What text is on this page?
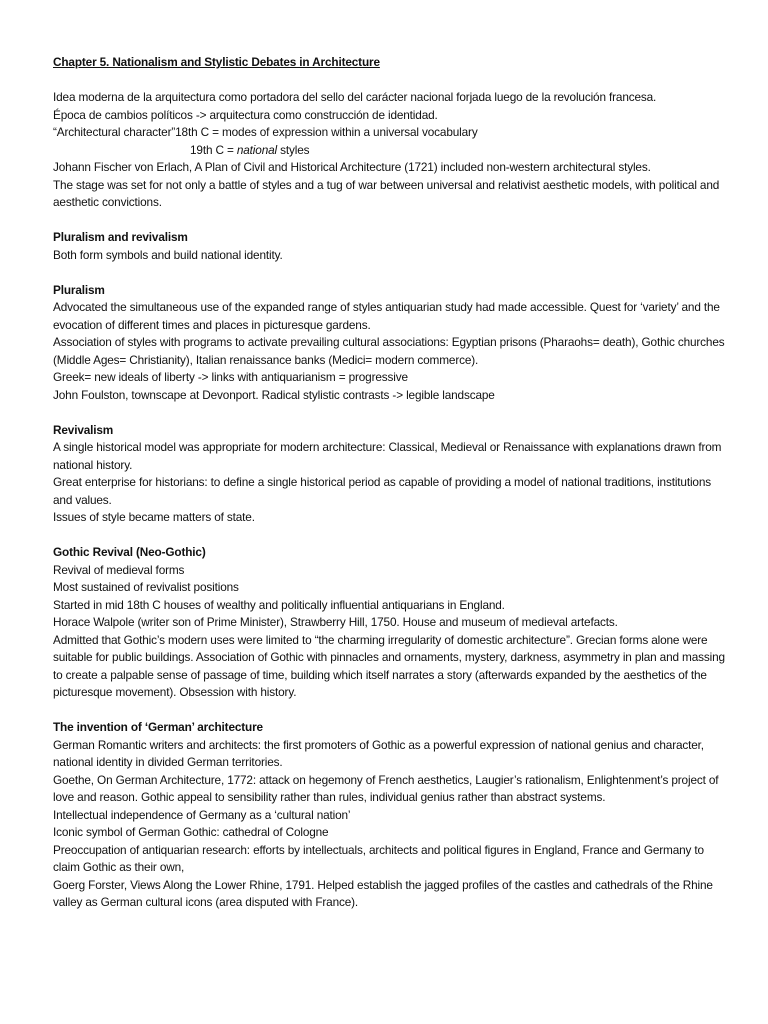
Chapter 5. Nationalism and Stylistic Debates in Architecture

Idea moderna de la arquitectura como portadora del sello del carácter nacional forjada luego de la revolución francesa.

Época de cambios políticos -> arquitectura como construcción de identidad.

“Architectural character”18th C = modes of expression within a universal vocabulary

19th C = national styles

Johann Fischer von Erlach, A Plan of Civil and Historical Architecture (1721) included non-western architectural styles.

The stage was set for not only a battle of styles and a tug of war between universal and relativist aesthetic models, with political and aesthetic convictions.

Pluralism and revivalism

Both form symbols and build national identity.

Pluralism

Advocated the simultaneous use of the expanded range of styles antiquarian study had made accessible. Quest for ‘variety’ and the evocation of different times and places in picturesque gardens.

Association of styles with programs to activate prevailing cultural associations: Egyptian prisons (Pharaohs= death), Gothic churches (Middle Ages= Christianity), Italian renaissance banks (Medici= modern commerce).

Greek= new ideals of liberty -> links with antiquarianism = progressive

John Foulston, townscape at Devonport. Radical stylistic contrasts -> legible landscape

Revivalism

A single historical model was appropriate for modern architecture: Classical, Medieval or Renaissance with explanations drawn from national history.

Great enterprise for historians: to define a single historical period as capable of providing a model of national traditions, institutions and values.

Issues of style became matters of state.

Gothic Revival (Neo-Gothic)

Revival of medieval forms

Most sustained of revivalist positions

Started in mid 18th C houses of wealthy and politically influential antiquarians in England.

Horace Walpole (writer son of Prime Minister), Strawberry Hill, 1750. House and museum of medieval artefacts.

Admitted that Gothic’s modern uses were limited to “the charming irregularity of domestic architecture”. Grecian forms alone were suitable for public buildings. Association of Gothic with pinnacles and ornaments, mystery, darkness, asymmetry in plan and massing to create a palpable sense of passage of time, building which itself narrates a story (afterwards expanded by the aesthetics of the picturesque movement). Obsession with history.

The invention of ‘German’ architecture

German Romantic writers and architects: the first promoters of Gothic as a powerful expression of national genius and character, national identity in divided German territories.

Goethe, On German Architecture, 1772: attack on hegemony of French aesthetics, Laugier’s rationalism, Enlightenment’s project of love and reason. Gothic appeal to sensibility rather than rules, individual genius rather than abstract systems.

Intellectual independence of Germany as a ‘cultural nation’

Iconic symbol of German Gothic: cathedral of Cologne

Preoccupation of antiquarian research: efforts by intellectuals, architects and political figures in England, France and Germany to claim Gothic as their own,

Goerg Forster, Views Along the Lower Rhine, 1791. Helped establish the jagged profiles of the castles and cathedrals of the Rhine valley as German cultural icons (area disputed with France).
